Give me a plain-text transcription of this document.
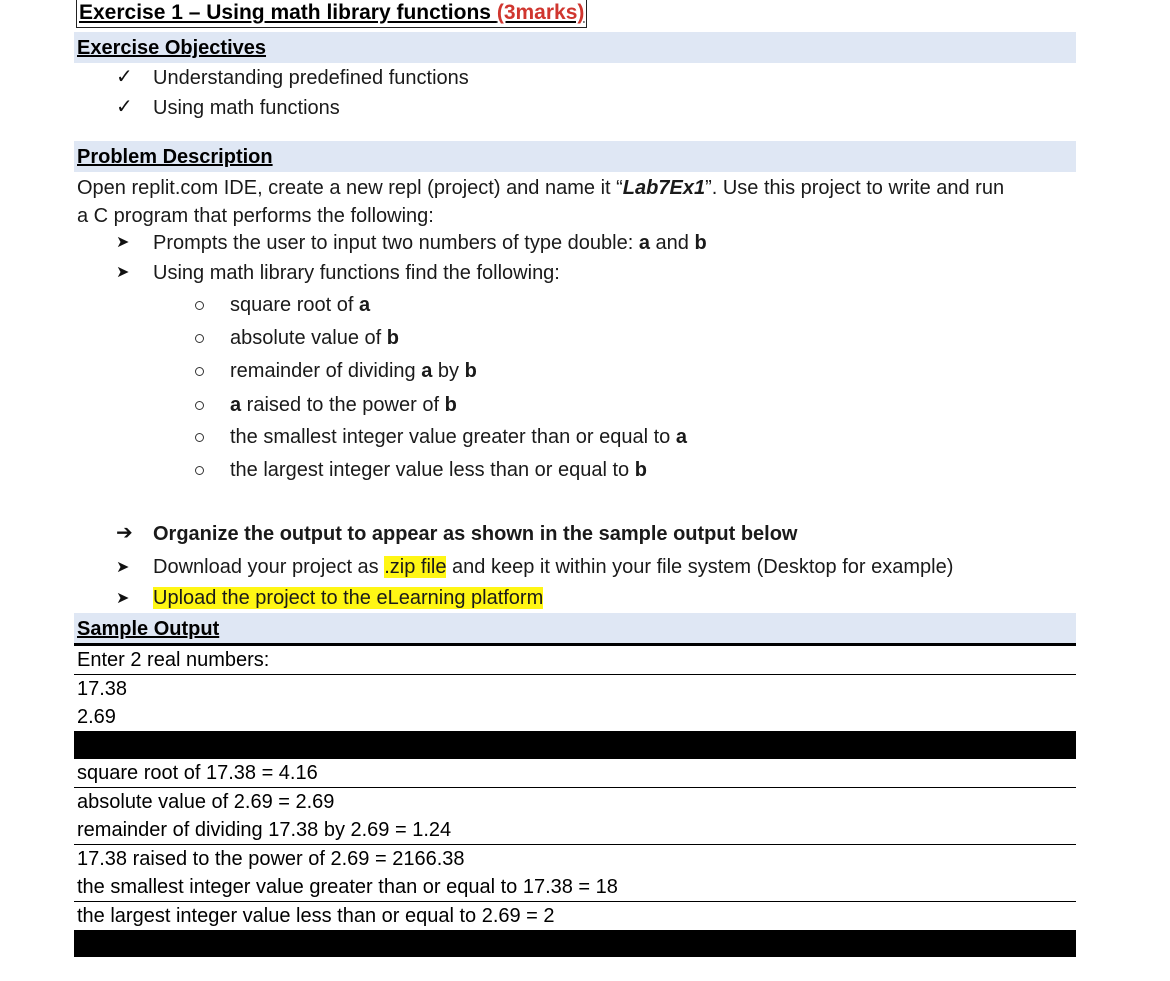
Exercise 1 – Using math library functions (3marks)
Exercise Objectives
✓ Understanding predefined functions
✓ Using math functions
Problem Description
Open replit.com IDE, create a new repl (project) and name it “Lab7Ex1”. Use this project to write and run
a C program that performs the following:
➤ Prompts the user to input two numbers of type double: a and b
➤ Using math library functions find the following:
square root of a
absolute value of b
remainder of dividing a by b
a raised to the power of b
the smallest integer value greater than or equal to a
the largest integer value less than or equal to b
➔ Organize the output to appear as shown in the sample output below
➤ Download your project as .zip file and keep it within your file system (Desktop for example)
➤ Upload the project to the eLearning platform
Sample Output
Enter 2 real numbers:
17.38
2.69
square root of 17.38 = 4.16
absolute value of 2.69 = 2.69
remainder of dividing 17.38 by 2.69 = 1.24
17.38 raised to the power of 2.69 = 2166.38
the smallest integer value greater than or equal to 17.38 = 18
the largest integer value less than or equal to 2.69 = 2
